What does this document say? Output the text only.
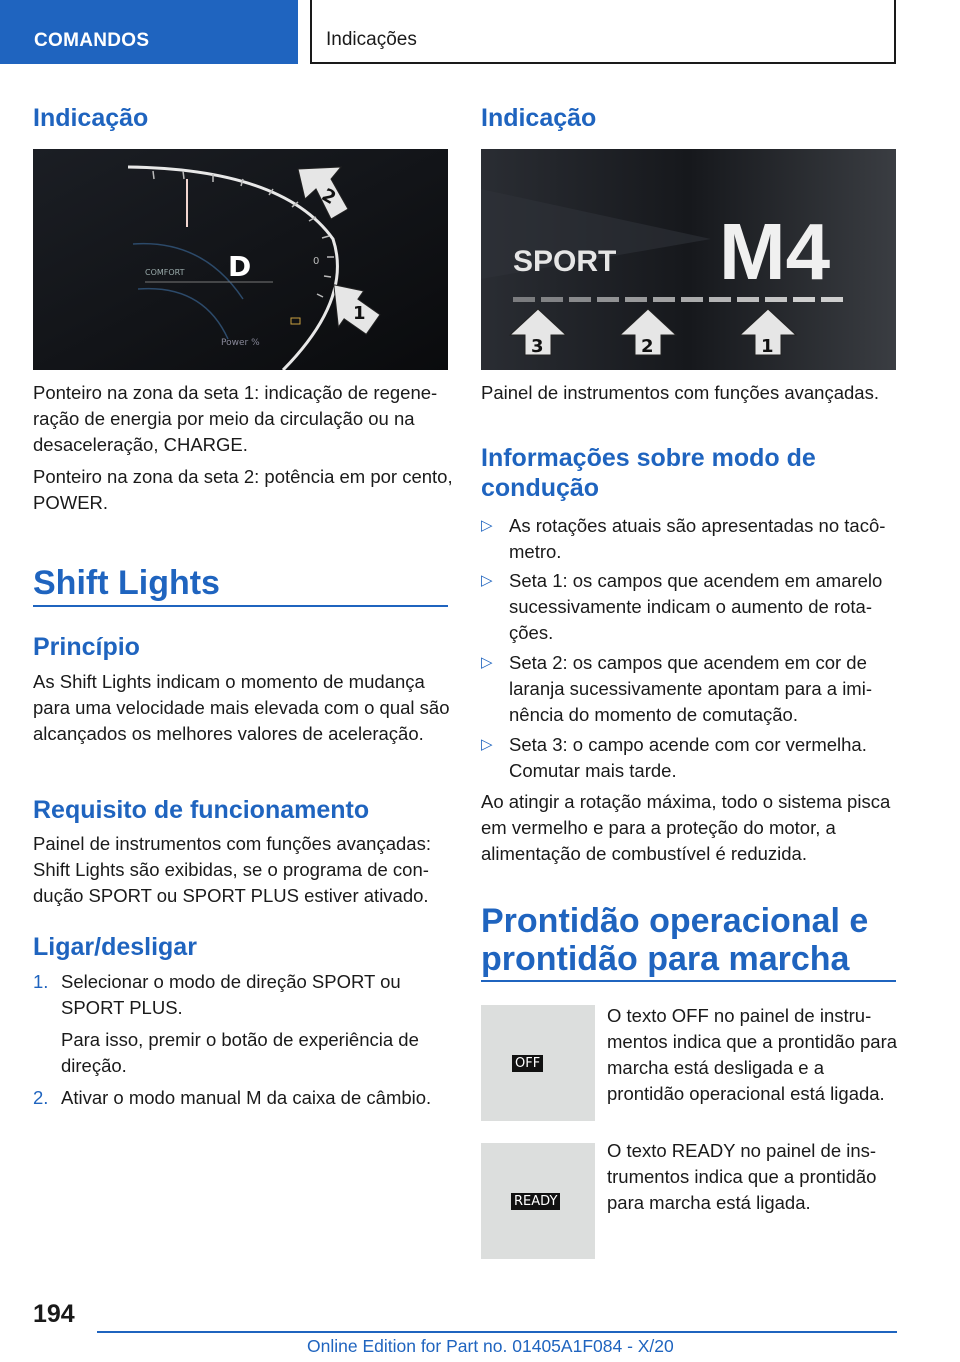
COMANDOS	Indicações
Indicação
COMFORT D	0
Power %
2
1
Ponteiro na zona da seta 1: indicação de regeneração de energia por meio da circulação ou na desaceleração, CHARGE.
Ponteiro na zona da seta 2: potência em por cento, POWER.
Shift Lights
Princípio
As Shift Lights indicam o momento de mudança para uma velocidade mais elevada com o qual são alcançados os melhores valores de aceleração.
Requisito de funcionamento
Painel de instrumentos com funções avançadas: Shift Lights são exibidas, se o programa de condução SPORT ou SPORT PLUS estiver ativado.
Ligar/desligar
1. Selecionar o modo de direção SPORT ou SPORT PLUS.
Para isso, premir o botão de experiência de direção.
2. Ativar o modo manual M da caixa de câmbio.
Indicação
SPORT M4
3	2	1
Painel de instrumentos com funções avançadas.
Informações sobre modo de
condução
▷ As rotações atuais são apresentadas no tacômetro.
▷ Seta 1: os campos que acendem em amarelo sucessivamente indicam o aumento de rotações.
▷ Seta 2: os campos que acendem em cor de laranja sucessivamente apontam para a iminência do momento de comutação.
▷ Seta 3: o campo acende com cor vermelha. Comutar mais tarde.
Ao atingir a rotação máxima, todo o sistema pisca em vermelho e para a proteção do motor, a alimentação de combustível é reduzida.
Prontidão operacional e
prontidão para marcha
OFF
O texto OFF no painel de instrumentos indica que a prontidão para marcha está desligada e a prontidão operacional está ligada.
READY
O texto READY no painel de instrumentos indica que a prontidão para marcha está ligada.
194
Online Edition for Part no. 01405A1F084 - X/20
